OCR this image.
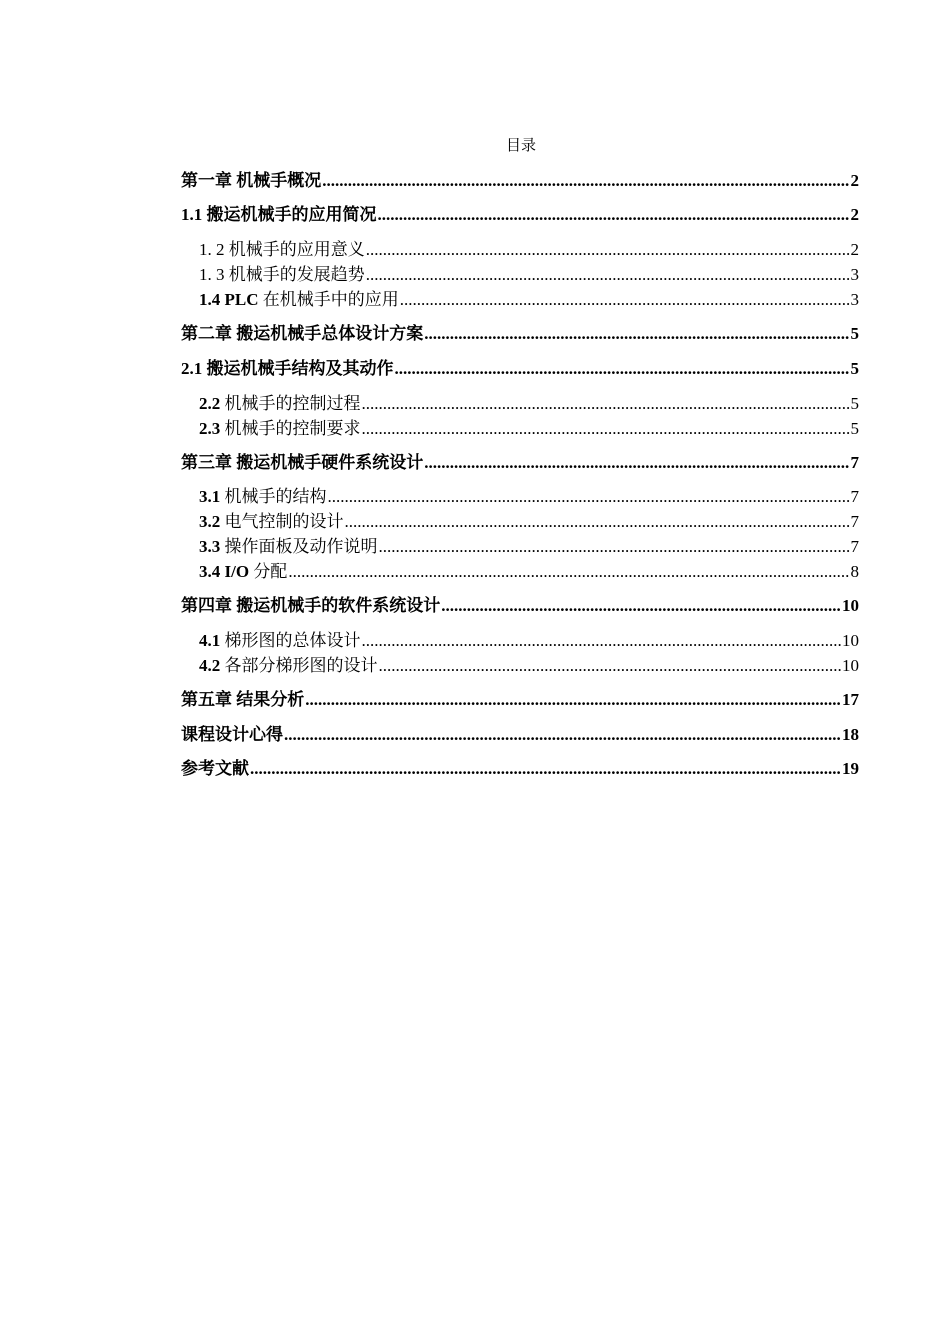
目录
第一章 机械手概况 .....	2
1.1 搬运机械手的应用简况 .....	2
1. 2 机械手的应用意义 .....	2
1. 3 机械手的发展趋势 .....	3
1.4 PLC 在机械手中的应用 .....	3
第二章 搬运机械手总体设计方案 .....	5
2.1 搬运机械手结构及其动作 .....	5
2.2 机械手的控制过程 .....	5
2.3 机械手的控制要求 .....	5
第三章 搬运机械手硬件系统设计 .....	7
3.1 机械手的结构 .....	7
3.2 电气控制的设计 .....	7
3.3 操作面板及动作说明 .....	7
3.4 I/O 分配 .....	8
第四章 搬运机械手的软件系统设计 .....	10
4.1 梯形图的总体设计 .....	10
4.2 各部分梯形图的设计 .....	10
第五章 结果分析 .....	17
课程设计心得 .....	18
参考文献 .....	19
